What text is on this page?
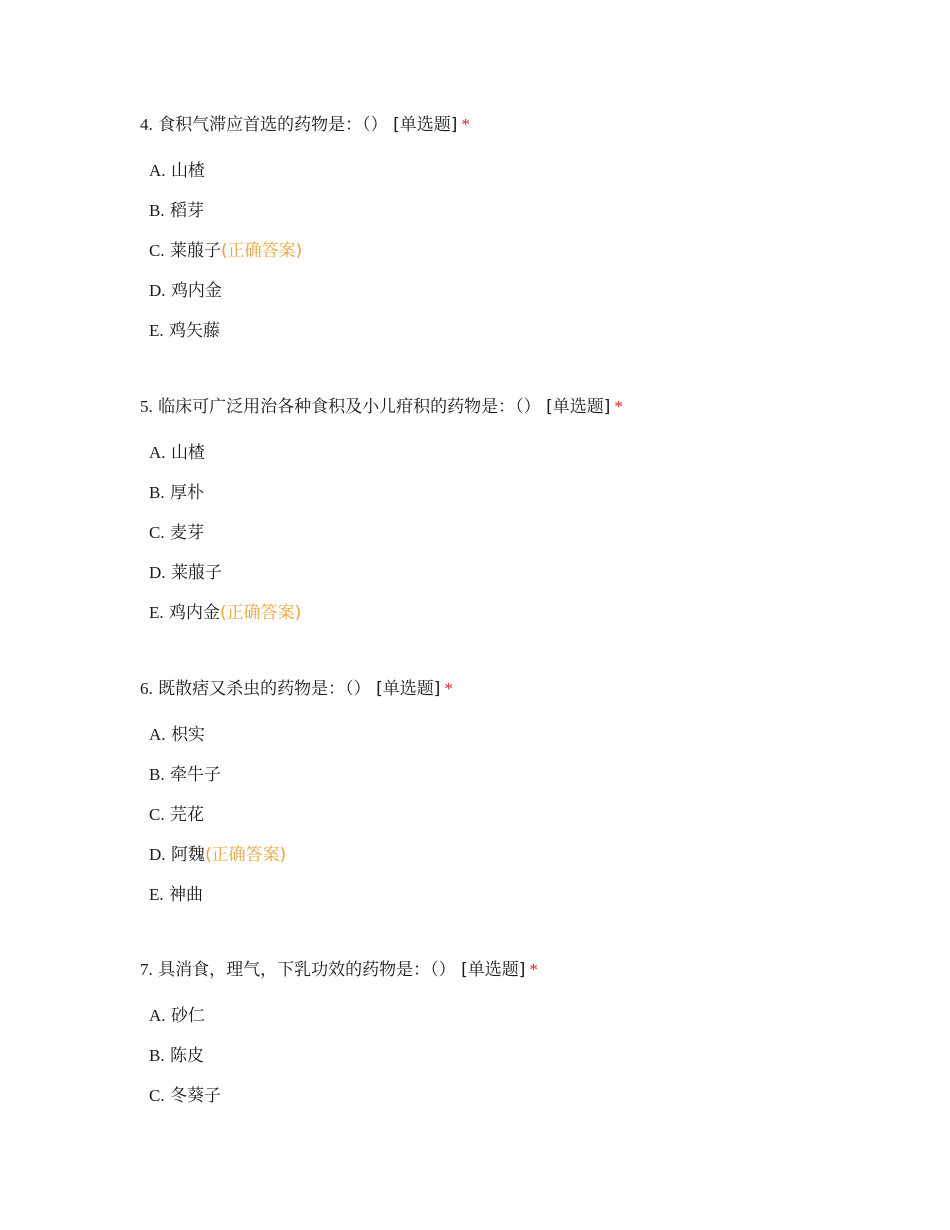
4. 食积气滞应首选的药物是：（） [单选题] *
A. 山楂
B. 稻芽
C. 莱菔子(正确答案)
D. 鸡内金
E. 鸡矢藤
5. 临床可广泛用治各种食积及小儿疳积的药物是：（） [单选题] *
A. 山楂
B. 厚朴
C. 麦芽
D. 莱菔子
E. 鸡内金(正确答案)
6. 既散痞又杀虫的药物是：（） [单选题] *
A. 枳实
B. 牵牛子
C. 芫花
D. 阿魏(正确答案)
E. 神曲
7. 具消食，理气，下乳功效的药物是：（） [单选题] *
A. 砂仁
B. 陈皮
C. 冬葵子
